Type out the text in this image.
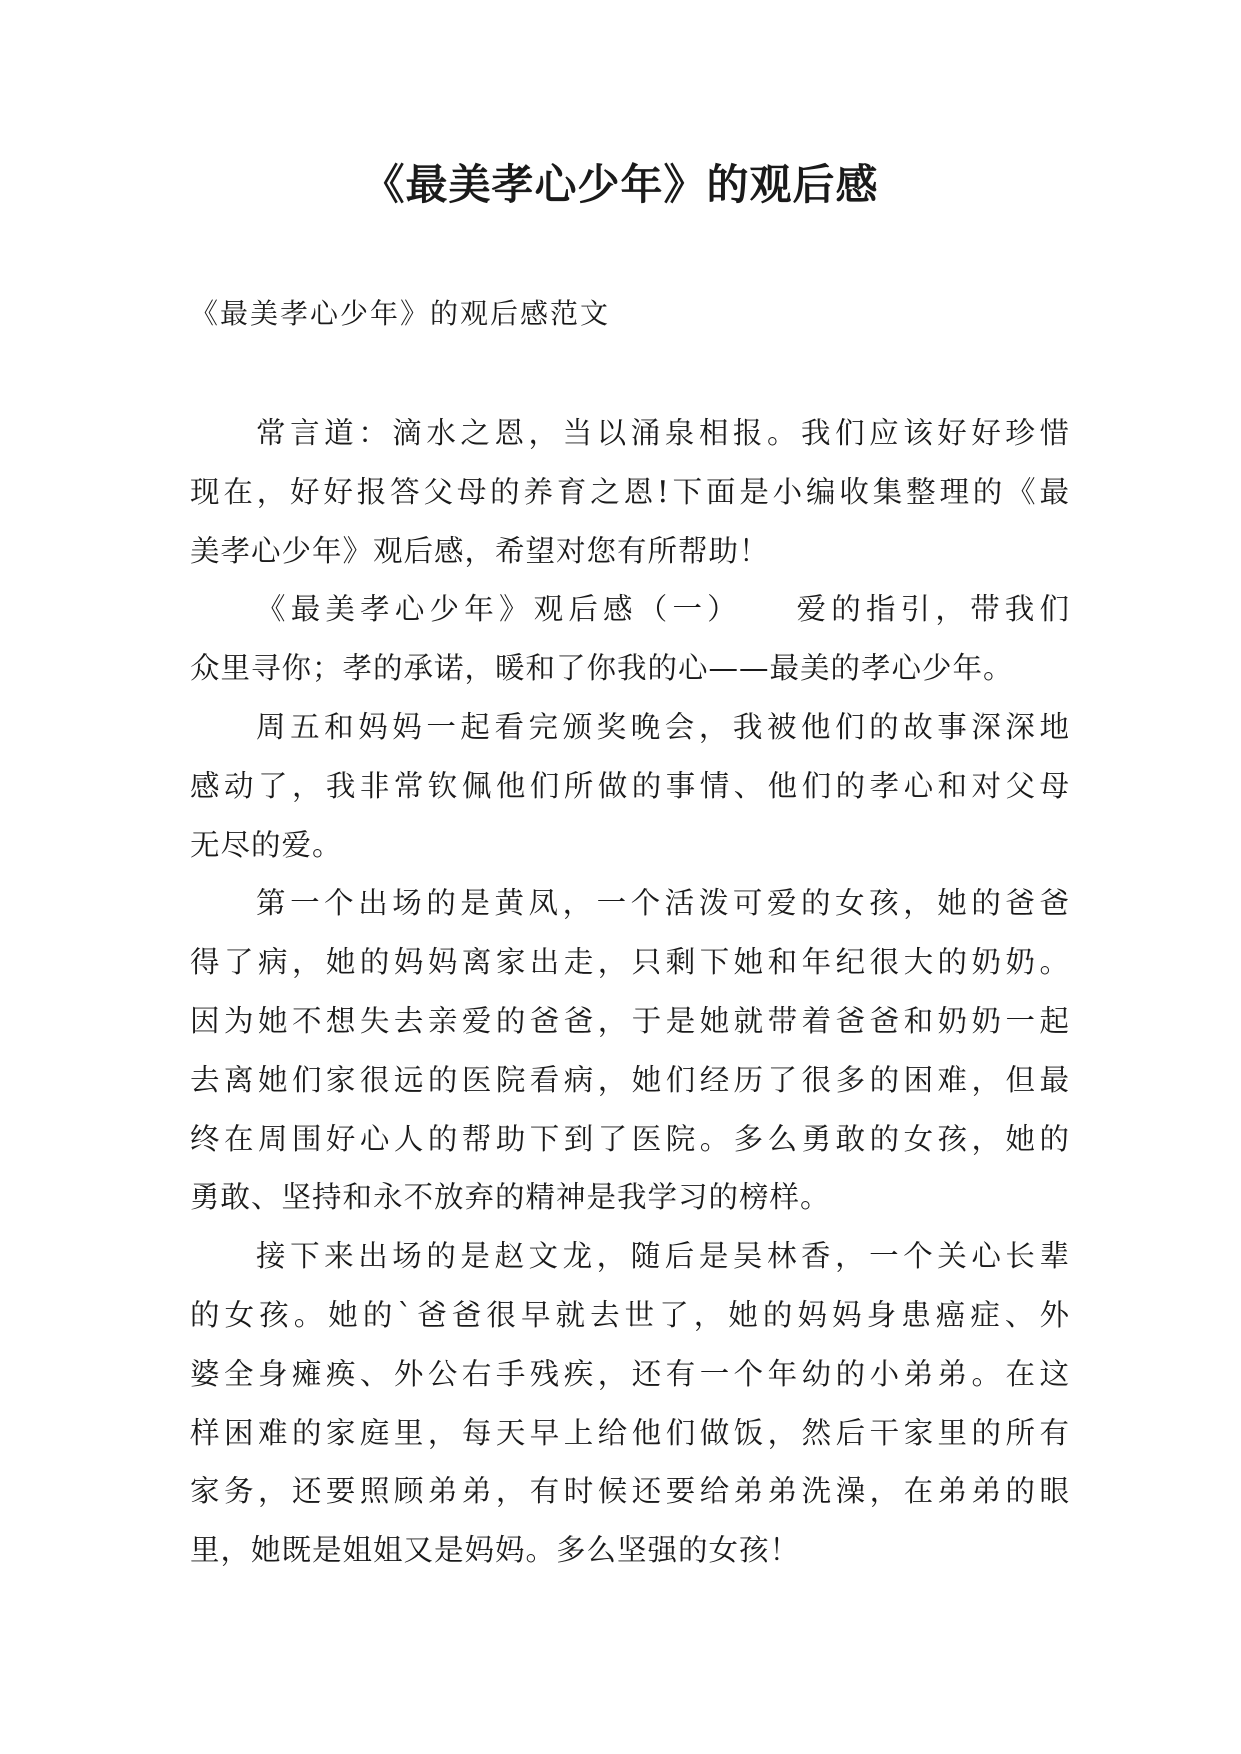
《最美孝心少年》的观后感

《最美孝心少年》的观后感范文

常言道：滴水之恩，当以涌泉相报。我们应该好好珍惜
现在，好好报答父母的养育之恩!下面是小编收集整理的《最
美孝心少年》观后感，希望对您有所帮助！
《最美孝心少年》观后感（一）　　爱的指引，带我们
众里寻你；孝的承诺，暖和了你我的心——最美的孝心少年。
周五和妈妈一起看完颁奖晚会，我被他们的故事深深地
感动了，我非常钦佩他们所做的事情、他们的孝心和对父母
无尽的爱。
第一个出场的是黄凤，一个活泼可爱的女孩，她的爸爸
得了病，她的妈妈离家出走，只剩下她和年纪很大的奶奶。
因为她不想失去亲爱的爸爸，于是她就带着爸爸和奶奶一起
去离她们家很远的医院看病，她们经历了很多的困难，但最
终在周围好心人的帮助下到了医院。多么勇敢的女孩，她的
勇敢、坚持和永不放弃的精神是我学习的榜样。
接下来出场的是赵文龙，随后是吴林香，一个关心长辈
的女孩。她的`爸爸很早就去世了，她的妈妈身患癌症、外
婆全身瘫痪、外公右手残疾，还有一个年幼的小弟弟。在这
样困难的家庭里，每天早上给他们做饭，然后干家里的所有
家务，还要照顾弟弟，有时候还要给弟弟洗澡，在弟弟的眼
里，她既是姐姐又是妈妈。多么坚强的女孩！
